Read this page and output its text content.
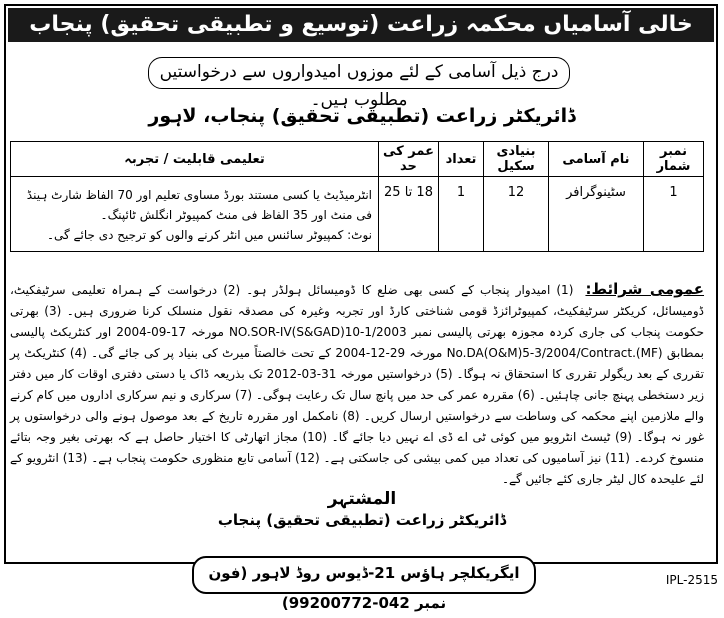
خالی آسامیاں محکمہ زراعت (توسیع و تطبیقی تحقیق) پنجاب
درج ذیل آسامی کے لئے موزوں امیدواروں سے درخواستیں مطلوب ہیں۔
ڈائریکٹر زراعت (تطبیقی تحقیق) پنجاب، لاہور
نمبر شمار	نام آسامی	بنیادی سکیل	تعداد	عمر کی حد	تعلیمی قابلیت / تجربہ
1	سٹینوگرافر	12	1	18 تا 25	انٹرمیڈیٹ یا کسی مستند بورڈ مساوی تعلیم اور 70 الفاظ شارٹ ہینڈ فی منٹ اور 35 الفاظ فی منٹ کمپیوٹر انگلش ٹائپنگ۔
نوٹ: کمپیوٹر سائنس میں انٹر کرنے والوں کو ترجیح دی جائے گی۔
عمومی شرائط: (1) امیدوار پنجاب کے کسی بھی ضلع کا ڈومیسائل ہولڈر ہو۔ (2) درخواست کے ہمراہ تعلیمی سرٹیفکیٹ، ڈومیسائل، کریکٹر سرٹیفکیٹ، کمپیوٹرائزڈ قومی شناختی کارڈ اور تجربہ وغیرہ کی مصدقہ نقول منسلک کرنا ضروری ہیں۔ (3) بھرتی حکومت پنجاب کی جاری کردہ مجوزہ بھرتی پالیسی نمبر NO.SOR-IV(S&GAD)10-1/2003 مورخہ 17-09-2004 اور کنٹریکٹ پالیسی بمطابق No.DA(O&M)5-3/2004/Contract.(MF) مورخہ 29-12-2004 کے تحت خالصتاً میرٹ کی بنیاد پر کی جائے گی۔ (4) کنٹریکٹ پر تقرری کے بعد ریگولر تقرری کا استحقاق نہ ہوگا۔ (5) درخواستیں مورخہ 31-03-2012 تک بذریعہ ڈاک یا دستی دفتری اوقات کار میں دفتر زیر دستخطی پہنچ جانی چاہئیں۔ (6) مقررہ عمر کی حد میں پانچ سال تک رعایت ہوگی۔ (7) سرکاری و نیم سرکاری اداروں میں کام کرنے والے ملازمین اپنے محکمہ کی وساطت سے درخواستیں ارسال کریں۔ (8) نامکمل اور مقررہ تاریخ کے بعد موصول ہونے والی درخواستوں پر غور نہ ہوگا۔ (9) ٹیسٹ انٹرویو میں کوئی ٹی اے ڈی اے نہیں دیا جائے گا۔ (10) مجاز اتھارٹی کا اختیار حاصل ہے کہ بھرتی بغیر وجہ بتائے منسوخ کردے۔ (11) نیز آسامیوں کی تعداد میں کمی بیشی کی جاسکتی ہے۔ (12) آسامی تابع منظوری حکومت پنجاب ہے۔ (13) انٹرویو کے لئے علیحدہ کال لیٹر جاری کئے جائیں گے۔
المشتہر
ڈائریکٹر زراعت (تطبیقی تحقیق) پنجاب
ایگریکلچر ہاؤس 21-ڈیوس روڈ لاہور (فون نمبر 042-99200772)
IPL-2515
